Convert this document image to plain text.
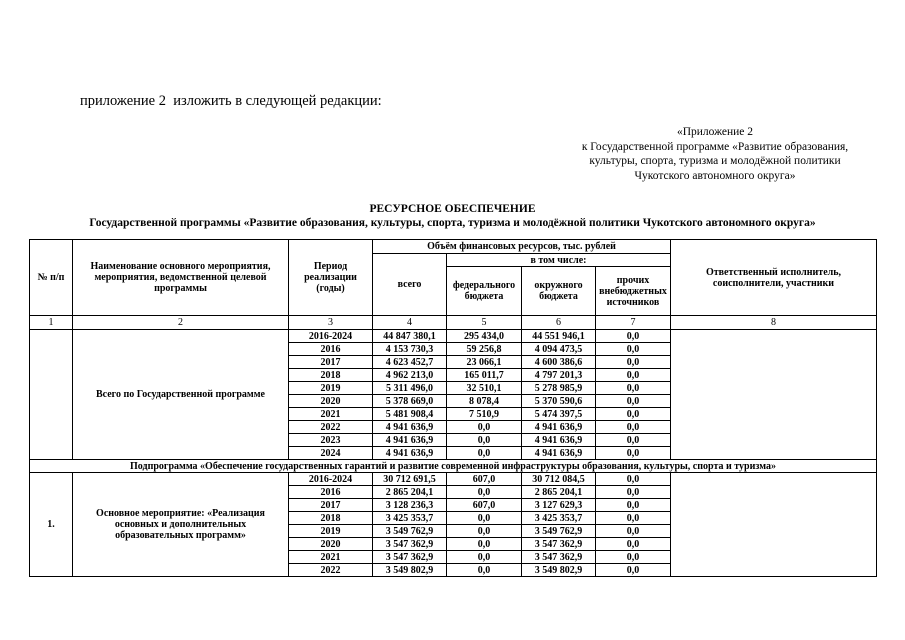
приложение 2  изложить в следующей редакции:
«Приложение 2
к Государственной программе «Развитие образования,
культуры, спорта, туризма и молодёжной политики
Чукотского автономного округа»
РЕСУРСНОЕ ОБЕСПЕЧЕНИЕ
Государственной программы «Развитие образования, культуры, спорта, туризма и молодёжной политики Чукотского автономного округа»
№ п/п	Наименование основного мероприятия, мероприятия, ведомственной целевой программы	Период реализации (годы)	Объём финансовых ресурсов, тыс. рублей				Ответственный исполнитель, соисполнители, участники
			всего	в том числе:			
				федерального бюджета	окружного бюджета	прочих внебюджетных источников	
1	2	3	4	5	6	7	8
	Всего по Государственной программе	2016-2024	44 847 380,1	295 434,0	44 551 946,1	0,0	
		2016	4 153 730,3	59 256,8	4 094 473,5	0,0	
		2017	4 623 452,7	23 066,1	4 600 386,6	0,0	
		2018	4 962 213,0	165 011,7	4 797 201,3	0,0	
		2019	5 311 496,0	32 510,1	5 278 985,9	0,0	
		2020	5 378 669,0	8 078,4	5 370 590,6	0,0	
		2021	5 481 908,4	7 510,9	5 474 397,5	0,0	
		2022	4 941 636,9	0,0	4 941 636,9	0,0	
		2023	4 941 636,9	0,0	4 941 636,9	0,0	
		2024	4 941 636,9	0,0	4 941 636,9	0,0	
Подпрограмма «Обеспечение государственных гарантий и развитие современной инфраструктуры образования, культуры, спорта и туризма»							
1.	Основное мероприятие: «Реализация основных и дополнительных образовательных программ»	2016-2024	30 712 691,5	607,0	30 712 084,5	0,0	
		2016	2 865 204,1	0,0	2 865 204,1	0,0	
		2017	3 128 236,3	607,0	3 127 629,3	0,0	
		2018	3 425 353,7	0,0	3 425 353,7	0,0	
		2019	3 549 762,9	0,0	3 549 762,9	0,0	
		2020	3 547 362,9	0,0	3 547 362,9	0,0	
		2021	3 547 362,9	0,0	3 547 362,9	0,0	
		2022	3 549 802,9	0,0	3 549 802,9	0,0	
